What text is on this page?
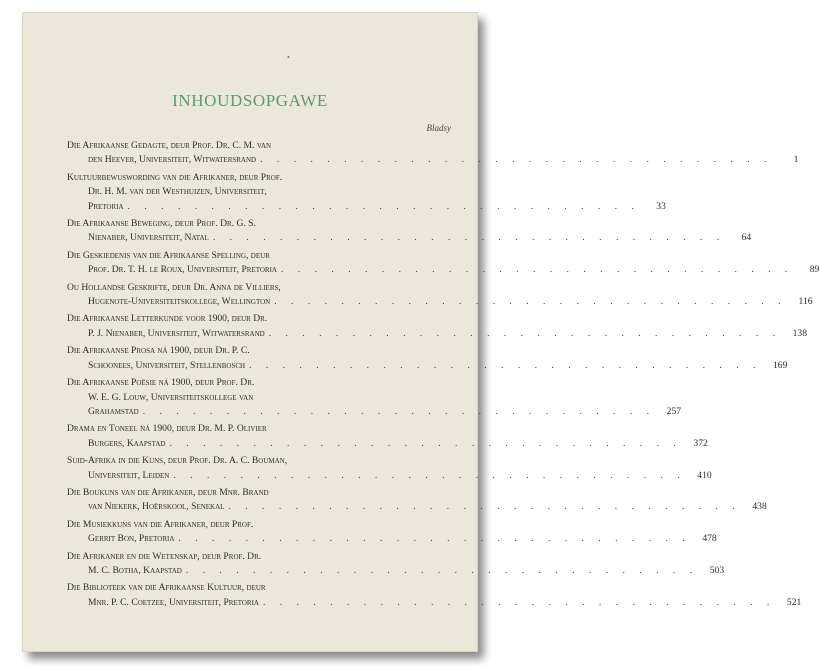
•
INHOUDSOPGAWE
Bladsy
Die Afrikaanse Gedagte, deur Prof. Dr. C. M. van
den Heever, Universiteit, Witwatersrand . . . . . . . . . . . . . . . . . . . . . . . . . . . . . . .	1
Kultuurbewuswording van die Afrikaner, deur Prof.
Dr. H. M. van der Westhuizen, Universiteit,
Pretoria . . . . . . . . . . . . . . . . . . . . . . . . . . . . . . .	33
Die Afrikaanse Beweging, deur Prof. Dr. G. S.
Nienaber, Universiteit, Natal . . . . . . . . . . . . . . . . . . . . . . . . . . . . . . .	64
Die Geskiedenis van die Afrikaanse Spelling, deur
Prof. Dr. T. H. le Roux, Universiteit, Pretoria . . . . . . . . . . . . . . . . . . . . . . . . . . . . . . .	89
Ou Hollandse Geskrifte, deur Dr. Anna de Villiers,
Hugenote-Universiteitskollege, Wellington . . . . . . . . . . . . . . . . . . . . . . . . . . . . . . .	116
Die Afrikaanse Letterkunde voor 1900, deur Dr.
P. J. Nienaber, Universiteit, Witwatersrand . . . . . . . . . . . . . . . . . . . . . . . . . . . . . . .	138
Die Afrikaanse Prosa ná 1900, deur Dr. P. C.
Schoonees, Universiteit, Stellenbosch . . . . . . . . . . . . . . . . . . . . . . . . . . . . . . .	169
Die Afrikaanse Poësie ná 1900, deur Prof. Dr.
W. E. G. Louw, Universiteitskollege van
Grahamstad . . . . . . . . . . . . . . . . . . . . . . . . . . . . . . .	257
Drama en Toneel ná 1900, deur Dr. M. P. Olivier
Burgers, Kaapstad . . . . . . . . . . . . . . . . . . . . . . . . . . . . . . .	372
Suid-Afrika in die Kuns, deur Prof. Dr. A. C. Bouman,
Universiteit, Leiden . . . . . . . . . . . . . . . . . . . . . . . . . . . . . . .	410
Die Boukuns van die Afrikaner, deur Mnr. Brand
van Niekerk, Hoërskool, Senekal . . . . . . . . . . . . . . . . . . . . . . . . . . . . . . .	438
Die Musiekkuns van die Afrikaner, deur Prof.
Gerrit Bon, Pretoria . . . . . . . . . . . . . . . . . . . . . . . . . . . . . . .	478
Die Afrikaner en die Wetenskap, deur Prof. Dr.
M. C. Botha, Kaapstad . . . . . . . . . . . . . . . . . . . . . . . . . . . . . . .	503
Die Biblioteek van die Afrikaanse Kultuur, deur
Mnr. P. C. Coetzee, Universiteit, Pretoria . . . . . . . . . . . . . . . . . . . . . . . . . . . . . . .	521
